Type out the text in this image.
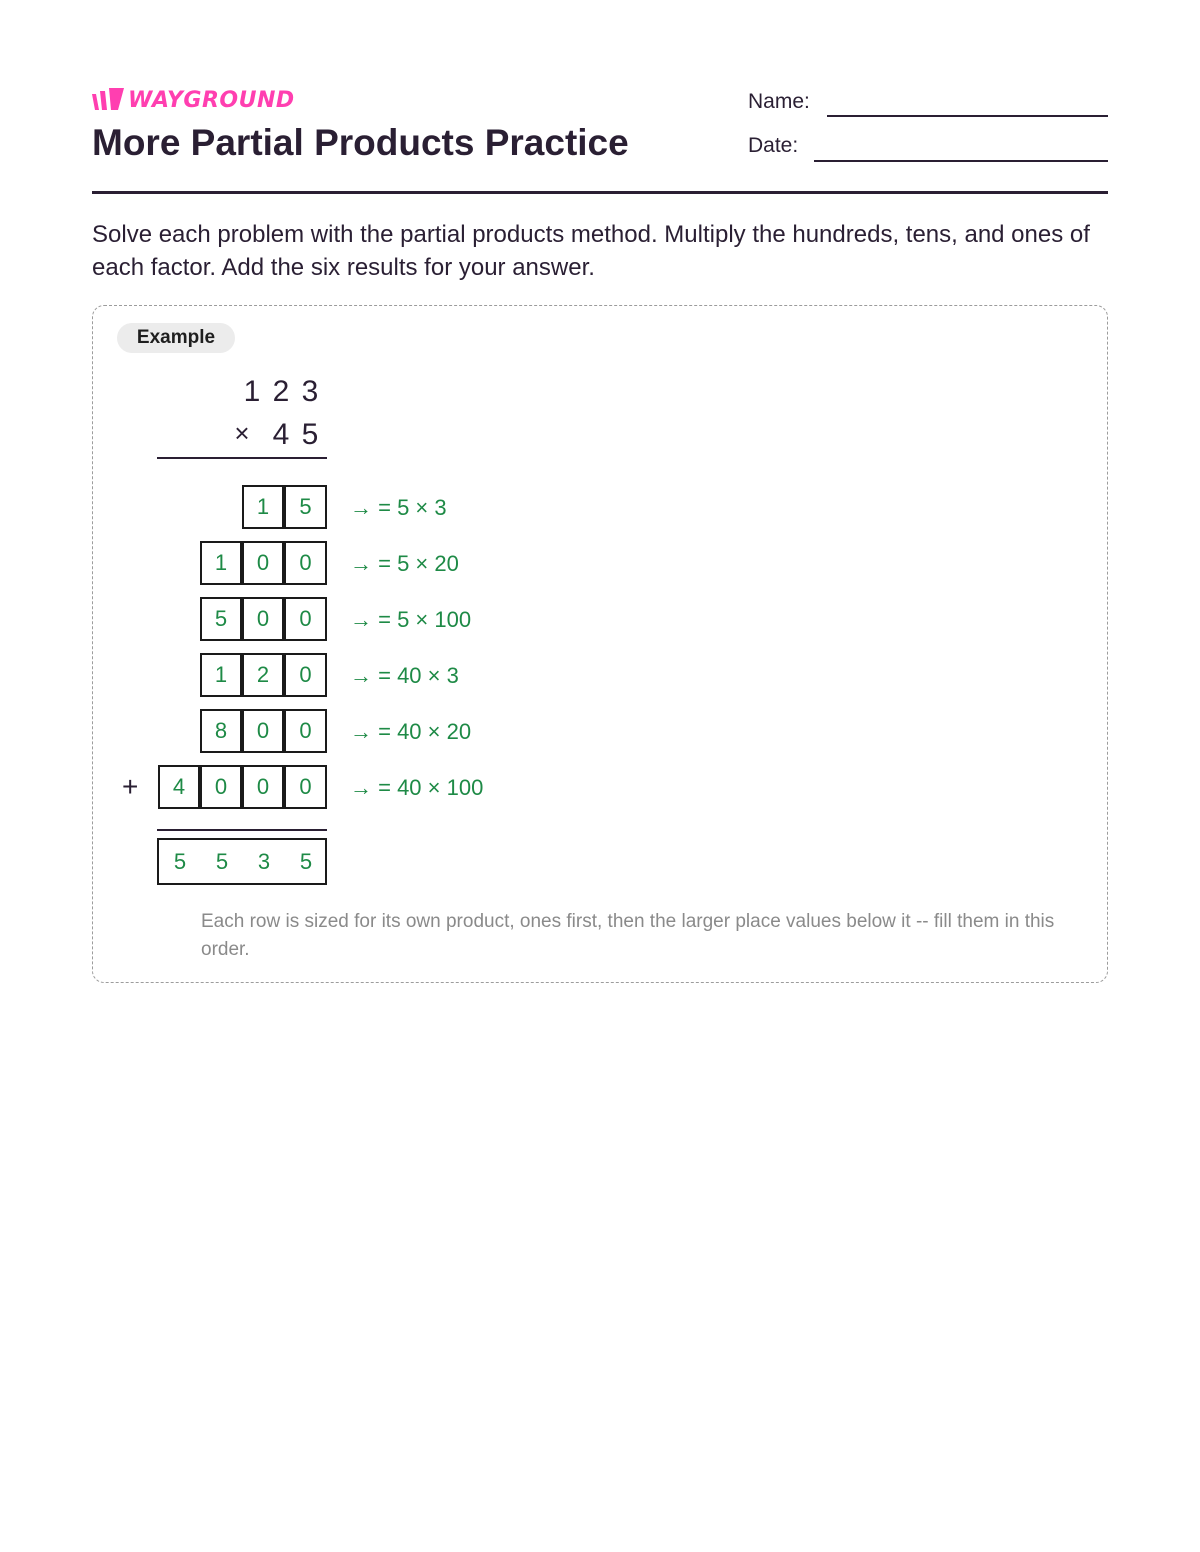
WAYGROUND
More Partial Products Practice
Name:
Date:

Solve each problem with the partial products method. Multiply the hundreds, tens, and ones of each factor. Add the six results for your answer.

Example
1 2 3
× 4 5
1	5	→ = 5 × 3
1	0	0	→ = 5 × 20
5	0	0	→ = 5 × 100
1	2	0	→ = 40 × 3
8	0	0	→ = 40 × 20
+	4	0	0	0	→ = 40 × 100
5	5	3	5

Each row is sized for its own product, ones first, then the larger place values below it -- fill them in this order.
